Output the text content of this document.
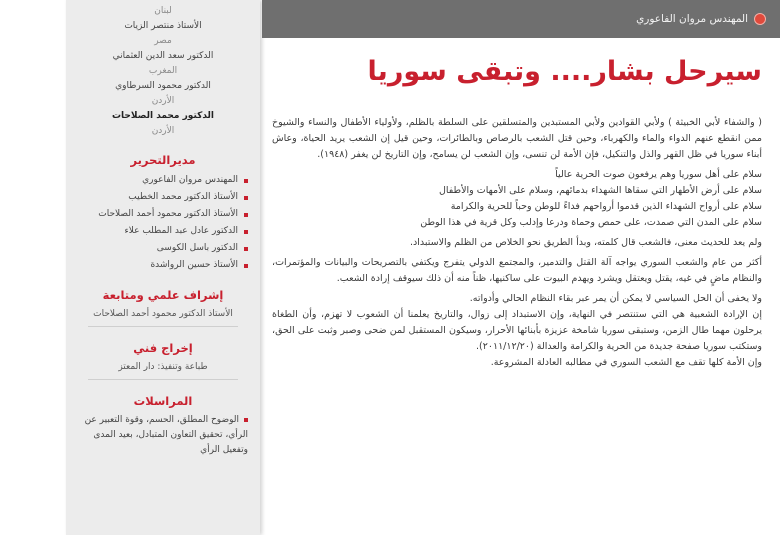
لبنان
الأستاذ منتصر الزيات
مصر
الدكتور سعد الدين العثماني
المغرب
الدكتور محمود السرطاوي
الأردن
الدكتور محمد الصلاحات
الأردن
مديرالتحرير
المهندس مروان الفاعوري
الأستاذ الدكتور محمد الخطيب
الأستاذ الدكتور محمود أحمد الصلاحات
الدكتور عادل عبد المطلب علاء
الدكتور باسل الكوسى
الأستاذ حسين الرواشدة
إشراف علمي ومتابعة
الأستاذ الدكتور محمود أحمد الصلاحات
إخراج فني
طباعة وتنفيذ: دار المعتز
المراسلات
الوضوح المطلق، الحسم، وقوة التعبير عن الرأي، تحقيق التعاون المتبادل، بعيد المدى وتفعيل الرأي
المهندس مروان الفاعوري
سيرحل بشار.... وتبقى سوريا

( والشفاء لأبي الخبيثة ) ولأبي القوادين ولأبي المستبدين والمتسلقين على السلطة بالظلم، ولأولياء الأطفال والنساء والشيوخ ممن انقطع عنهم الدواء والماء والكهرباء، وحين قتل الشعب بالرصاص وبالطائرات، وحين قيل إن الشعب يريد الحياة، وعاش أبناء سوريا في ظل القهر والذل والتنكيل، فإن الأمة لن تنسى، وإن الشعب لن يسامح، وإن التاريخ لن يغفر (١٩٤٨).

سلام على أهل سوريا وهم يرفعون صوت الحرية عالياً

سلام على أرض الأطهار التي سقاها الشهداء بدمائهم، وسلام على الأمهات والأطفال

سلام على أرواح الشهداء الذين قدموا أرواحهم فداءً للوطن وحباً للحرية والكرامة

سلام على المدن التي صمدت، على حمص وحماة ودرعا وإدلب وكل قرية في هذا الوطن

ولم يعد للحديث معنى، فالشعب قال كلمته، وبدأ الطريق نحو الخلاص من الظلم والاستبداد.

أكثر من عام والشعب السوري يواجه آلة القتل والتدمير، والمجتمع الدولي يتفرج ويكتفي بالتصريحات والبيانات والمؤتمرات، والنظام ماضٍ في غيه، يقتل ويعتقل ويشرد ويهدم البيوت على ساكنيها، ظناً منه أن ذلك سيوقف إرادة الشعب.

ولا يخفى أن الحل السياسي لا يمكن أن يمر عبر بقاء النظام الحالي وأدواته.

إن الإرادة الشعبية هي التي ستنتصر في النهاية، وإن الاستبداد إلى زوال، والتاريخ يعلمنا أن الشعوب لا تهزم، وأن الطغاة يرحلون مهما طال الزمن، وستبقى سوريا شامخة عزيزة بأبنائها الأحرار، وسيكون المستقبل لمن ضحى وصبر وثبت على الحق، وستكتب سوريا صفحة جديدة من الحرية والكرامة والعدالة (٢٠١١/١٢/٢٠).

وإن الأمة كلها تقف مع الشعب السوري في مطالبه العادلة المشروعة.
